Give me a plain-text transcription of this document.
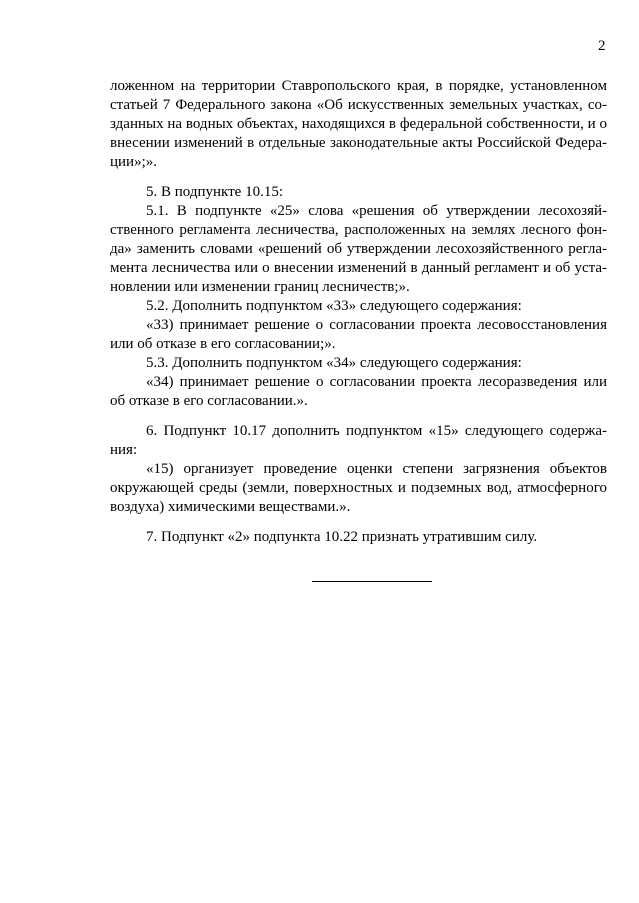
2
ложенном на территории Ставропольского края, в порядке, установленном
статьей 7 Федерального закона «Об искусственных земельных участках, со-
зданных на водных объектах, находящихся в федеральной собственности, и о
внесении изменений в отдельные законодательные акты Российской Федера-
ции»;».
5. В подпункте 10.15:
5.1. В подпункте «25» слова «решения об утверждении лесохозяй-
ственного регламента лесничества, расположенных на землях лесного фон-
да» заменить словами «решений об утверждении лесохозяйственного регла-
мента лесничества или о внесении изменений в данный регламент и об уста-
новлении или изменении границ лесничеств;».
5.2. Дополнить подпунктом «33» следующего содержания:
«33) принимает решение о согласовании проекта лесовосстановления
или об отказе в его согласовании;».
5.3. Дополнить подпунктом «34» следующего содержания:
«34) принимает решение о согласовании проекта лесоразведения или
об отказе в его согласовании.».
6. Подпункт 10.17 дополнить подпунктом «15» следующего содержа-
ния:
«15) организует проведение оценки степени загрязнения объектов
окружающей среды (земли, поверхностных и подземных вод, атмосферного
воздуха) химическими веществами.».
7. Подпункт «2» подпункта 10.22 признать утратившим силу.
